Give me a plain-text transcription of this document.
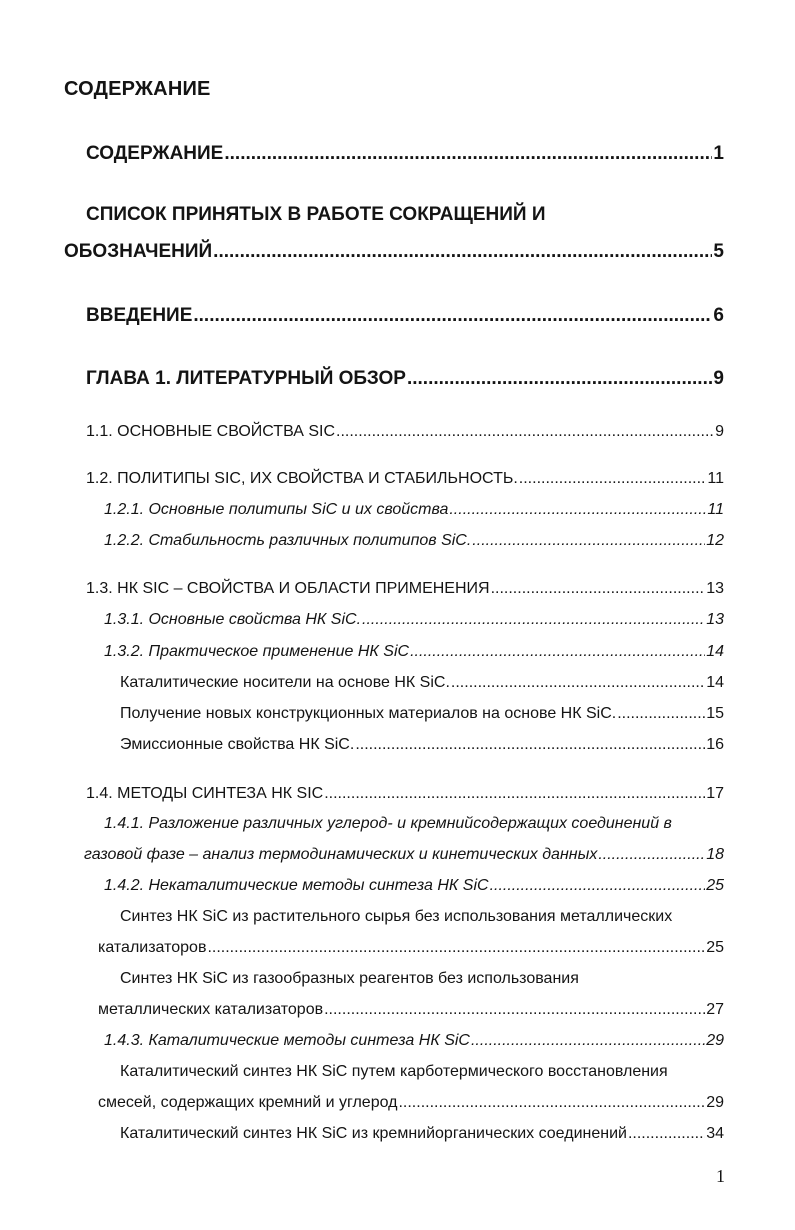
СОДЕРЖАНИЕ
СОДЕРЖАНИЕ .....	1
СПИСОК ПРИНЯТЫХ В РАБОТЕ СОКРАЩЕНИЙ И
ОБОЗНАЧЕНИЙ .....	5
ВВЕДЕНИЕ .....	6
ГЛАВА 1. ЛИТЕРАТУРНЫЙ ОБЗОР .....	9
1.1. ОСНОВНЫЕ СВОЙСТВА SIC .....	9
1.2. ПОЛИТИПЫ SIC, ИХ СВОЙСТВА И СТАБИЛЬНОСТЬ. .....	11
1.2.1. Основные политипы SiC и их свойства .....	11
1.2.2. Стабильность различных политипов SiC. .....	12
1.3. НК SIC – СВОЙСТВА И ОБЛАСТИ ПРИМЕНЕНИЯ .....	13
1.3.1. Основные свойства НК SiC. .....	13
1.3.2. Практическое применение НК SiC .....	14
Каталитические носители на основе НК SiC. .....	14
Получение новых конструкционных материалов на основе НК SiC. .....	15
Эмиссионные свойства НК SiC. .....	16
1.4. МЕТОДЫ СИНТЕЗА НК SIC .....	17
1.4.1. Разложение различных углерод- и кремнийсодержащих соединений в
газовой фазе – анализ термодинамических и кинетических данных .....	18
1.4.2. Некаталитические методы синтеза НК SiC .....	25
Синтез НК SiC из растительного сырья без использования металлических
катализаторов .....	25
Синтез НК SiC из газообразных реагентов без использования
металлических катализаторов .....	27
1.4.3. Каталитические методы синтеза НК SiC .....	29
Каталитический синтез НК SiC путем карботермического восстановления
смесей, содержащих кремний и углерод .....	29
Каталитический синтез НК SiC из кремнийорганических соединений .....	34
1
